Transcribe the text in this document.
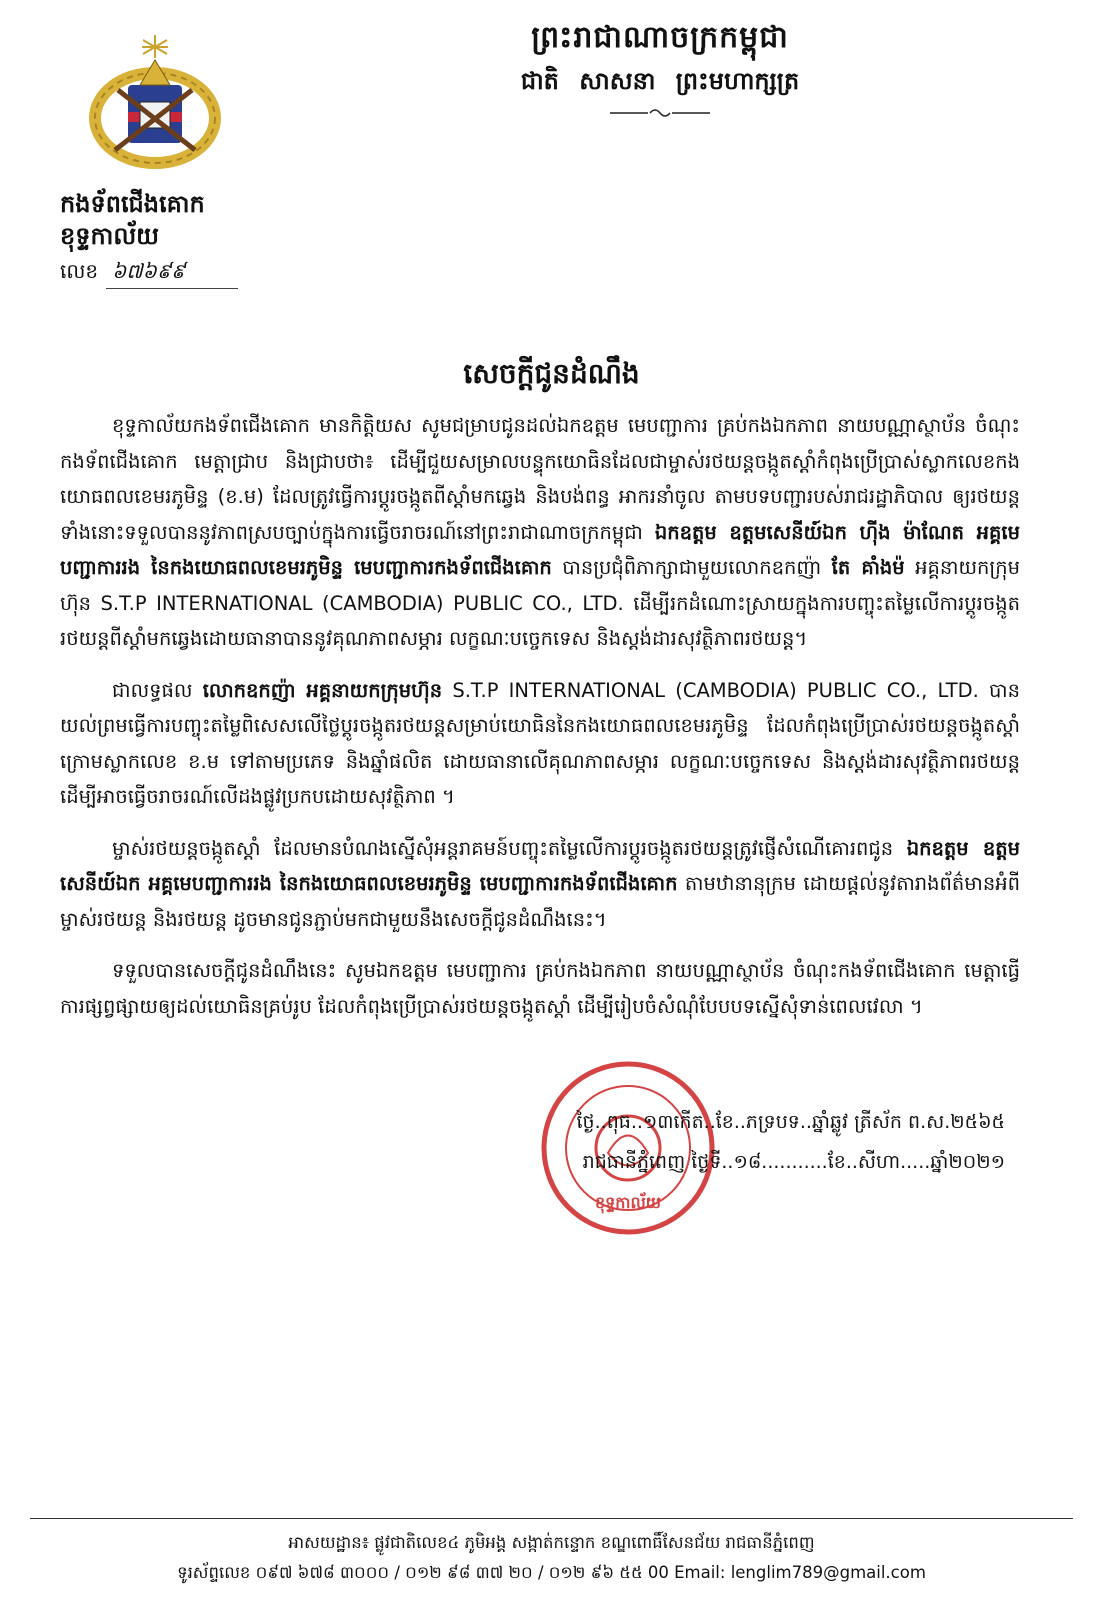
កងទ័ពជើងគោក
ខុទ្ទកាល័យ
លេខ ៦៧៦៩៩
ព្រះរាជាណាចក្រកម្ពុជា
ជាតិ សាសនា ព្រះមហាក្សត្រ
សេចក្តីជូនដំណឹង

ខុទ្ទកាល័យកងទ័ពជើងគោក មានកិត្តិយស សូមជម្រាបជូនដល់ឯកឧត្តម មេបញ្ជាការ គ្រប់កងឯកភាព នាយបណ្ណាស្ថាប័ន ចំណុះកងទ័ពជើងគោក មេត្តាជ្រាប និងជ្រាបថា៖ ដើម្បីជួយសម្រាលបន្ទុកយោធិនដែលជាម្ចាស់រថយន្តចង្កូតស្តាំកំពុងប្រើប្រាស់ស្លាកលេខកងយោធពលខេមរភូមិន្ទ (ខ.ម) ដែលត្រូវធ្វើការប្តូរចង្កូតពីស្តាំមកឆ្វេង និងបង់ពន្ធ អាករនាំចូល តាមបទបញ្ជារបស់រាជរដ្ឋាភិបាល ឲ្យរថយន្តទាំងនោះទទួលបាននូវភាពស្របច្បាប់ក្នុងការធ្វើចរាចរណ៍នៅព្រះរាជាណាចក្រកម្ពុជា ឯកឧត្តម ឧត្តមសេនីយ៍ឯក ហ៊ីង ម៉ាណែត អគ្គមេបញ្ជាការរង នៃកងយោធពលខេមរភូមិន្ទ មេបញ្ជាការកងទ័ពជើងគោក បានប្រជុំពិភាក្សាជាមួយលោកឧកញ៉ា តែ គាំងម៉ អគ្គនាយកក្រុមហ៊ុន S.T.P INTERNATIONAL (CAMBODIA) PUBLIC CO., LTD. ដើម្បីរកដំណោះស្រាយក្នុងការបញ្ចុះតម្លៃលើការប្តូរចង្កូតរថយន្តពីស្តាំមកឆ្វេងដោយធានាបាននូវគុណភាពសម្ភារ លក្ខណៈបច្ចេកទេស និងស្តង់ដារសុវត្ថិភាពរថយន្ត។

ជាលទ្ធផល លោកឧកញ៉ា អគ្គនាយកក្រុមហ៊ុន S.T.P INTERNATIONAL (CAMBODIA) PUBLIC CO., LTD. បានយល់ព្រមធ្វើការបញ្ចុះតម្លៃពិសេសលើថ្លៃប្តូរចង្កូតរថយន្តសម្រាប់យោធិននៃកងយោធពលខេមរភូមិន្ទ ដែលកំពុងប្រើប្រាស់រថយន្តចង្កូតស្តាំក្រោមស្លាកលេខ ខ.ម ទៅតាមប្រភេទ និងឆ្នាំផលិត ដោយធានាលើគុណភាពសម្ភារ លក្ខណៈបច្ចេកទេស និងស្តង់ដារសុវត្ថិភាពរថយន្ត ដើម្បីអាចធ្វើចរាចរណ៍លើដងផ្លូវប្រកបដោយសុវត្ថិភាព ។

ម្ចាស់រថយន្តចង្កូតស្តាំ ដែលមានបំណងស្នើសុំអន្តរាគមន៍បញ្ចុះតម្លៃលើការប្តូរចង្កូតរថយន្តត្រូវផ្ញើសំណើគោរពជូន ឯកឧត្តម ឧត្តមសេនីយ៍ឯក អគ្គមេបញ្ជាការរង នៃកងយោធពលខេមរភូមិន្ទ មេបញ្ជាការកងទ័ពជើងគោក តាមឋានានុក្រម ដោយផ្តល់នូវតារាងព័ត៌មានអំពីម្ចាស់រថយន្ត និងរថយន្ត ដូចមានជូនភ្ជាប់មកជាមួយនឹងសេចក្តីជូនដំណឹងនេះ។

ទទួលបានសេចក្តីជូនដំណឹងនេះ សូមឯកឧត្តម មេបញ្ជាការ គ្រប់កងឯកភាព នាយបណ្ណាស្ថាប័ន ចំណុះកងទ័ពជើងគោក មេត្តាធ្វើការផ្សព្វផ្សាយឲ្យដល់យោធិនគ្រប់រូប ដែលកំពុងប្រើប្រាស់រថយន្តចង្កូតស្តាំ ដើម្បីរៀបចំសំណុំបែបបទស្នើសុំទាន់ពេលវេលា ។

ខុទ្ទកាល័យ
ថ្ងៃ..ពុធ..១៣កើត..ខែ..ភទ្របទ..ឆ្នាំឆ្លូវ ត្រីស័ក ព.ស.២៥៦៥
រាជធានីភ្នំពេញ ថ្ងៃទី..១៨...........ខែ..សីហា.....ឆ្នាំ២០២១
អាសយដ្ឋាន៖ ផ្លូវជាតិលេខ៤ ភូមិអង្គ សង្កាត់កន្ទោក ខណ្ឌពោធិ៍សែនជ័យ រាជធានីភ្នំពេញ
ទូរស័ព្ទលេខ ០៩៧ ៦៧៨ ៣០០០ / ០១២ ៩៨ ៣៧ ២០ / ០១២ ៩៦ ៥៥ 00 Email: lenglim789@gmail.com
